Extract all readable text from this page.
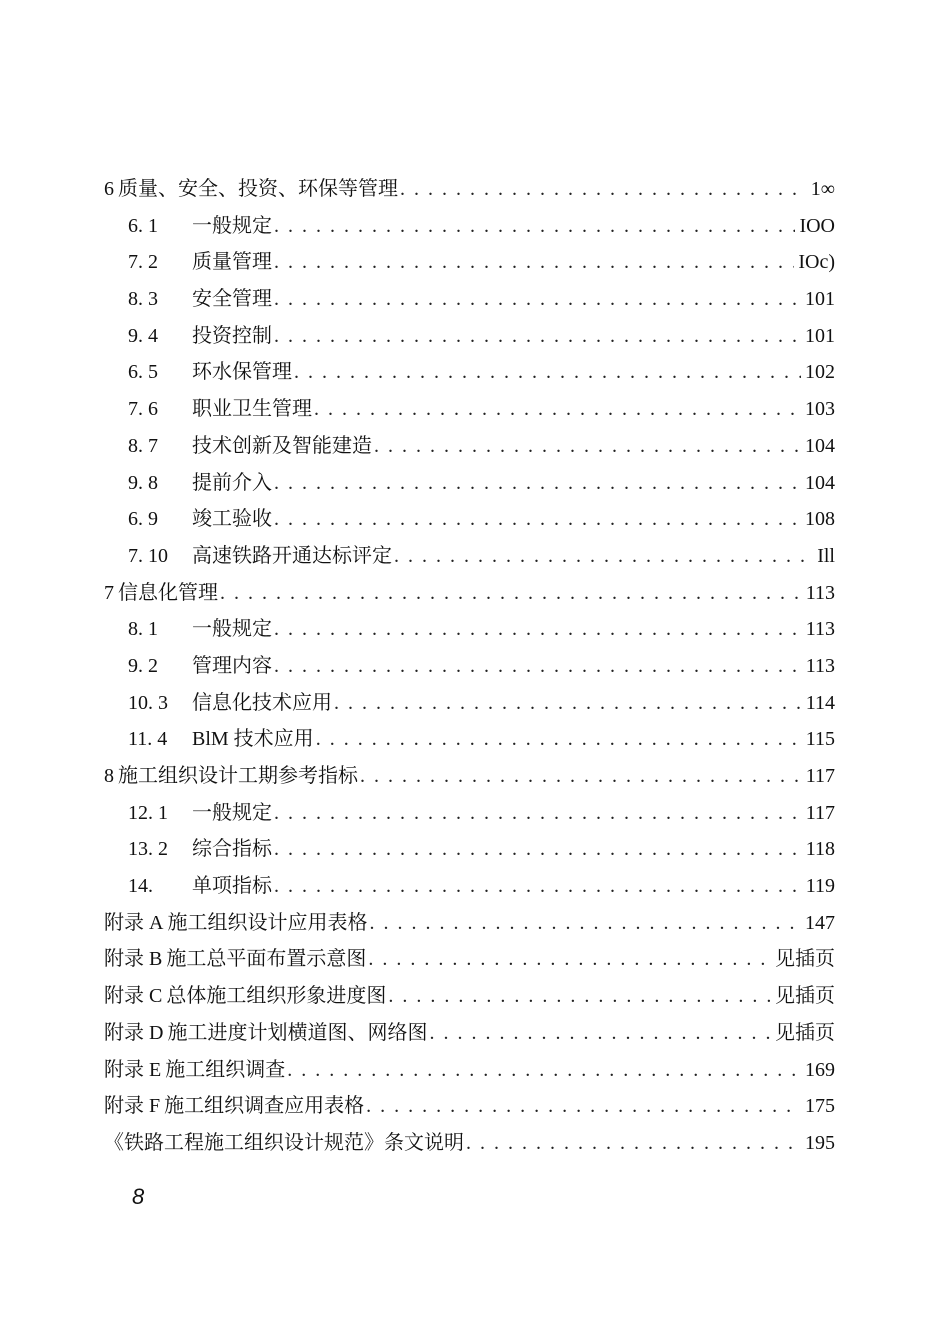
6 质量、安全、投资、环保等管理 . . .	1∞
6. 1	一般规定 . . .	IOO
7. 2	质量管理 . . .	IOc)
8. 3	安全管理 . . .	101
9. 4	投资控制 . . .	101
6. 5	环水保管理 . . .	102
7. 6	职业卫生管理 . . .	103
8. 7	技术创新及智能建造 . . .	104
9. 8	提前介入 . . .	104
6. 9	竣工验收 . . .	108
7. 10	高速铁路开通达标评定 . . .	Ill
7 信息化管理 . . .	113
8. 1	一般规定 . . .	113
9. 2	管理内容 . . .	113
10. 3	信息化技术应用 . . .	114
11. 4	BlM 技术应用 . . .	115
8 施工组织设计工期参考指标 . . .	117
12. 1	一般规定 . . .	117
13. 2	综合指标 . . .	118
14.	单项指标 . . .	119
附录 A 施工组织设计应用表格 . . .	147
附录 B 施工总平面布置示意图 . . .	见插页
附录 C 总体施工组织形象进度图 . . .	见插页
附录 D 施工进度计划横道图、网络图 . . .	见插页
附录 E 施工组织调查 . . .	169
附录 F 施工组织调查应用表格 . . .	175
《铁路工程施工组织设计规范》条文说明 . . .	195
8
